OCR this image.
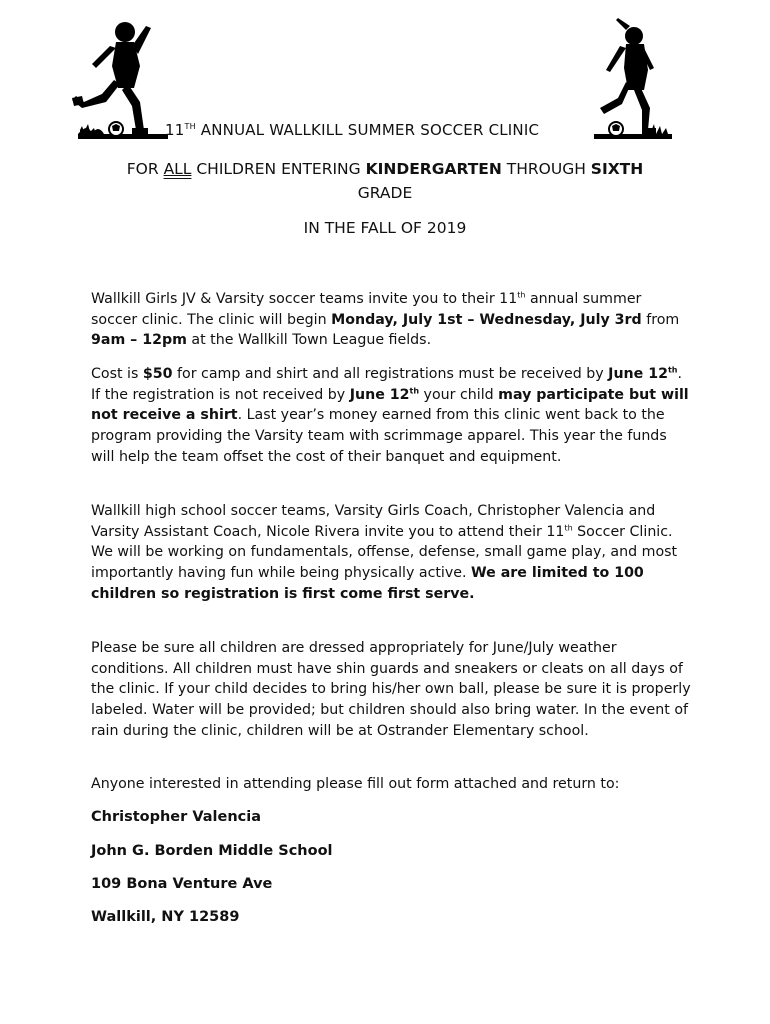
11TH ANNUAL WALLKILL SUMMER SOCCER CLINIC
FOR ALL CHILDREN ENTERING KINDERGARTEN THROUGH SIXTH
GRADE
IN THE FALL OF 2019

Wallkill Girls JV & Varsity soccer teams invite you to their 11th annual summer soccer clinic. The clinic will begin Monday, July 1st – Wednesday, July 3rd from 9am – 12pm at the Wallkill Town League fields.

Cost is $50 for camp and shirt and all registrations must be received by June 12th. If the registration is not received by June 12th your child may participate but will not receive a shirt. Last year’s money earned from this clinic went back to the program providing the Varsity team with scrimmage apparel. This year the funds will help the team offset the cost of their banquet and equipment.

Wallkill high school soccer teams, Varsity Girls Coach, Christopher Valencia and Varsity Assistant Coach, Nicole Rivera invite you to attend their 11th Soccer Clinic. We will be working on fundamentals, offense, defense, small game play, and most importantly having fun while being physically active. We are limited to 100 children so registration is first come first serve.

Please be sure all children are dressed appropriately for June/July weather conditions. All children must have shin guards and sneakers or cleats on all days of the clinic. If your child decides to bring his/her own ball, please be sure it is properly labeled. Water will be provided; but children should also bring water. In the event of rain during the clinic, children will be at Ostrander Elementary school.

Anyone interested in attending please fill out form attached and return to:

Christopher Valencia
John G. Borden Middle School
109 Bona Venture Ave
Wallkill, NY 12589
